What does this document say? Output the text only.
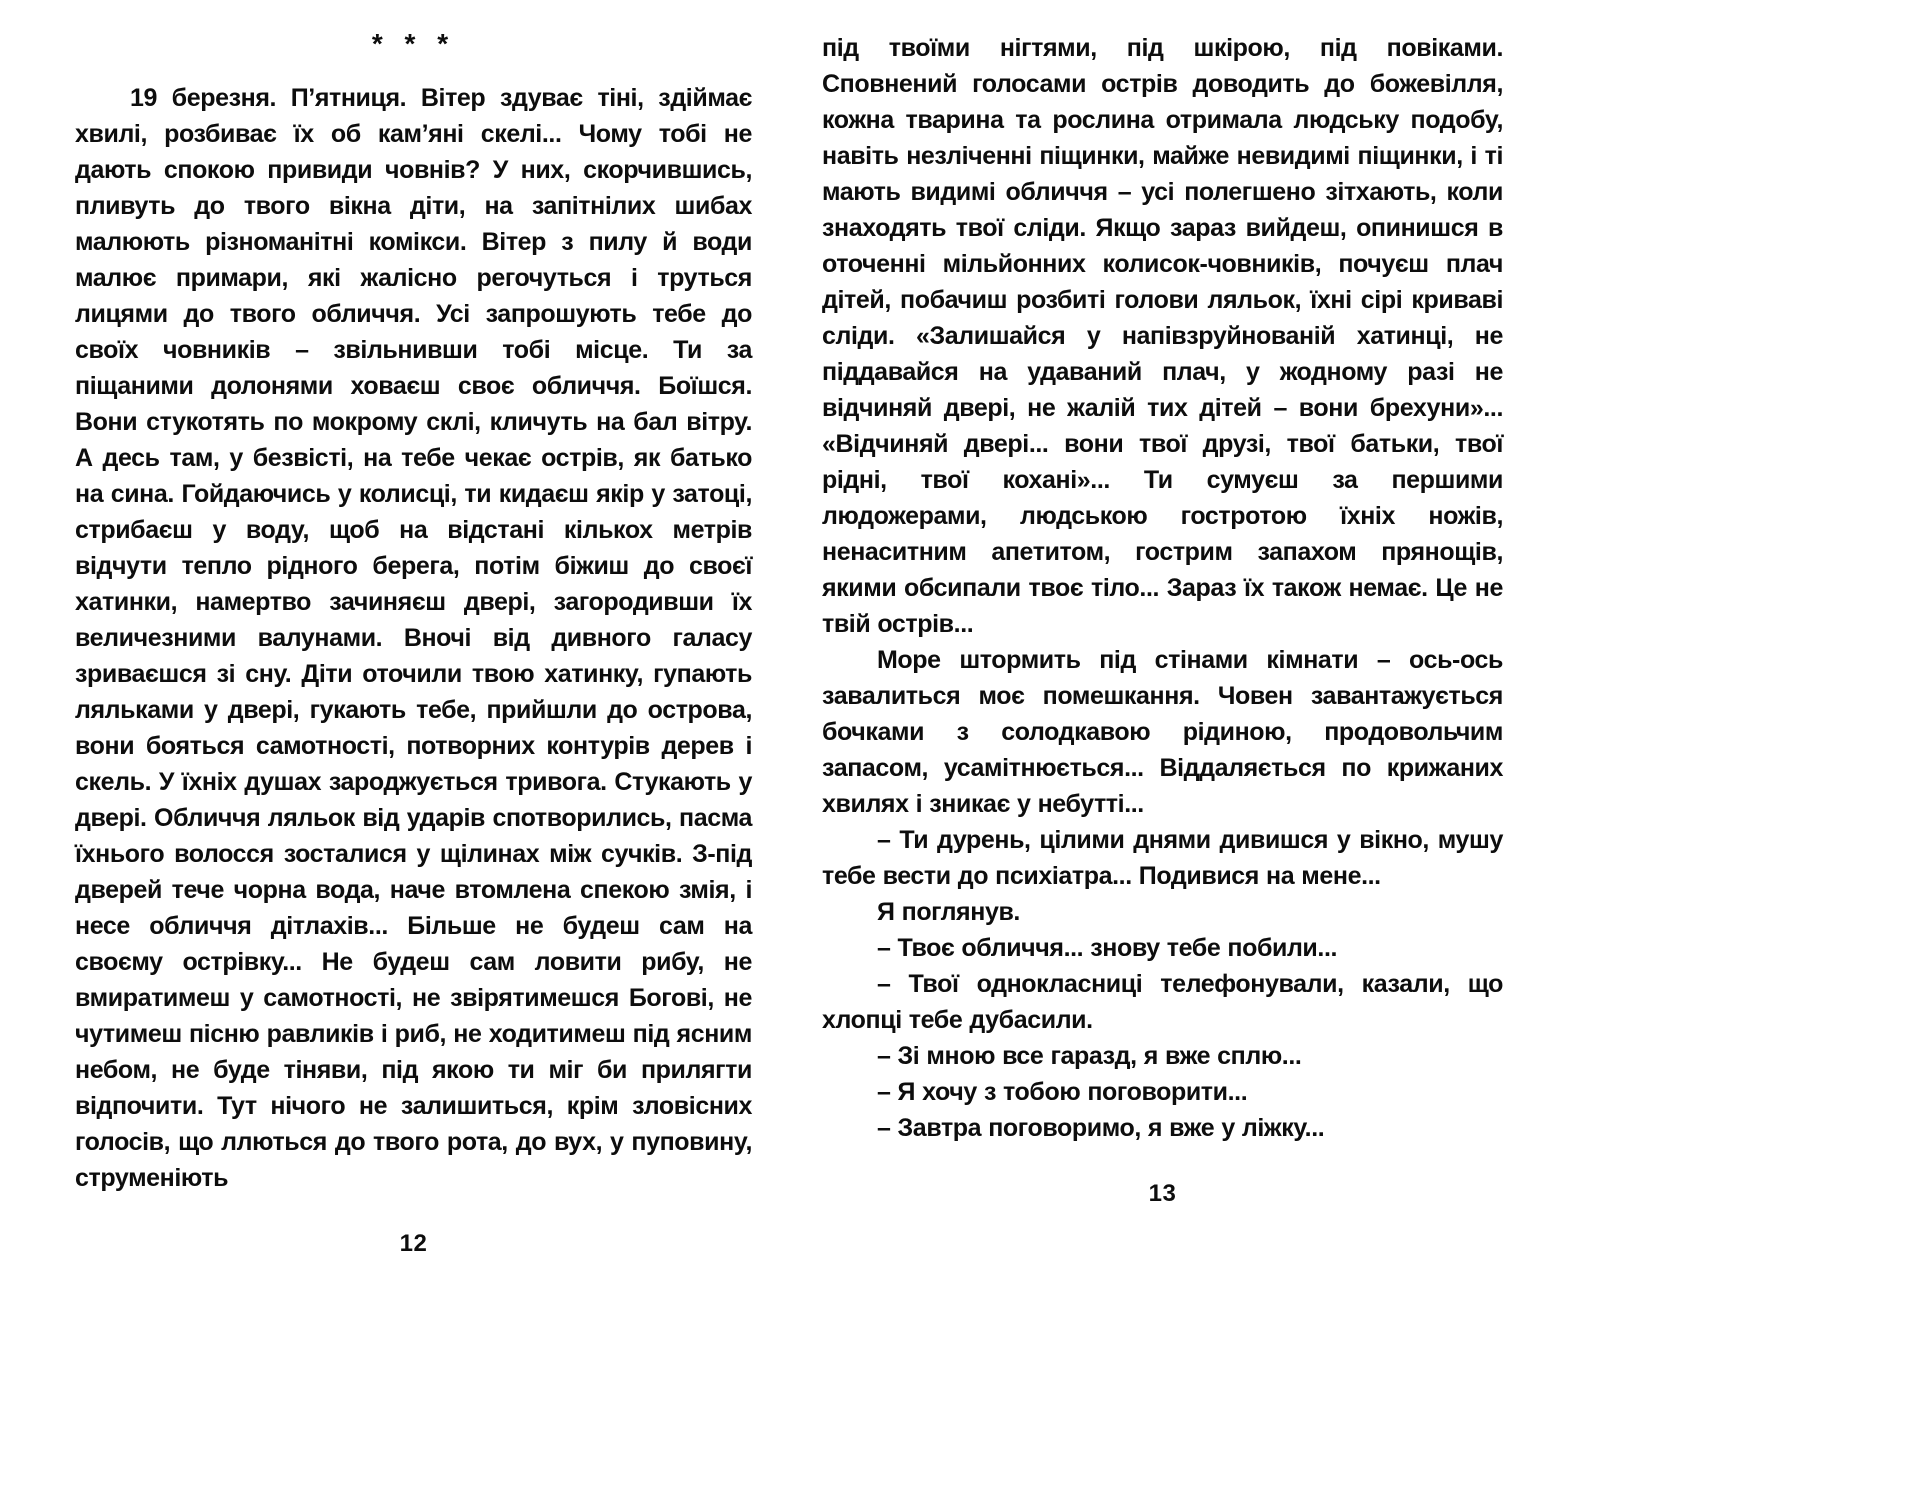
* * *

19 березня. П’ятниця. Вітер здуває тіні, здіймає хвилі, розбиває їх об кам’яні скелі... Чому тобі не дають спокою привиди човнів? У них, скорчившись, пливуть до твого вікна діти, на запітнілих шибах малюють різноманітні комікси. Вітер з пилу й води малює примари, які жалісно регочуться і труться лицями до твого обличчя. Усі запрошують тебе до своїх човників – звільнивши тобі місце. Ти за піщаними долонями ховаєш своє обличчя. Боїшся. Вони стукотять по мокрому склі, кличуть на бал вітру. А десь там, у безвісті, на тебе чекає острів, як батько на сина. Гойдаючись у колисці, ти кидаєш якір у затоці, стрибаєш у воду, щоб на відстані кількох метрів відчути тепло рідного берега, потім біжиш до своєї хатинки, намертво зачиняєш двері, загородивши їх величезними валунами. Вночі від дивного галасу зриваєшся зі сну. Діти оточили твою хатинку, гупають ляльками у двері, гукають тебе, прийшли до острова, вони бояться самотності, потворних контурів дерев і скель. У їхніх душах зароджується тривога. Стукають у двері. Обличчя ляльок від ударів спотворились, пасма їхнього волосся зосталися у щілинах між сучків. З-під дверей тече чорна вода, наче втомлена спекою змія, і несе обличчя дітлахів... Більше не будеш сам на своєму острівку... Не будеш сам ловити рибу, не вмиратимеш у самотності, не звірятимешся Богові, не чутимеш пісню равликів і риб, не ходитимеш під ясним небом, не буде тіняви, під якою ти міг би прилягти відпочити. Тут нічого не залишиться, крім зловісних голосів, що ллються до твого рота, до вух, у пуповину, струменіють

12

під твоїми нігтями, під шкірою, під повіками. Сповнений голосами острів доводить до божевілля, кожна тварина та рослина отримала людську подобу, навіть незліченні піщинки, майже невидимі піщинки, і ті мають видимі обличчя – усі полегшено зітхають, коли знаходять твої сліди. Якщо зараз вийдеш, опинишся в оточенні мільйонних колисок-човників, почуєш плач дітей, побачиш розбиті голови ляльок, їхні сірі криваві сліди. «Залишайся у напівзруйнованій хатинці, не піддавайся на удаваний плач, у жодному разі не відчиняй двері, не жалій тих дітей – вони брехуни»... «Відчиняй двері... вони твої друзі, твої батьки, твої рідні, твої кохані»... Ти сумуєш за першими людожерами, людською гостротою їхніх ножів, ненаситним апетитом, гострим запахом прянощів, якими обсипали твоє тіло... Зараз їх також немає. Це не твій острів...

Море штормить під стінами кімнати – ось-ось завалиться моє помешкання. Човен завантажується бочками з солодкавою рідиною, продовольчим запасом, усамітнюється... Віддаляється по крижаних хвилях і зникає у небутті...

– Ти дурень, цілими днями дивишся у вікно, мушу тебе вести до психіатра... Подивися на мене...

Я поглянув.

– Твоє обличчя... знову тебе побили...

– Твої однокласниці телефонували, казали, що хлопці тебе дубасили.

– Зі мною все гаразд, я вже сплю...

– Я хочу з тобою поговорити...

– Завтра поговоримо, я вже у ліжку...

13
